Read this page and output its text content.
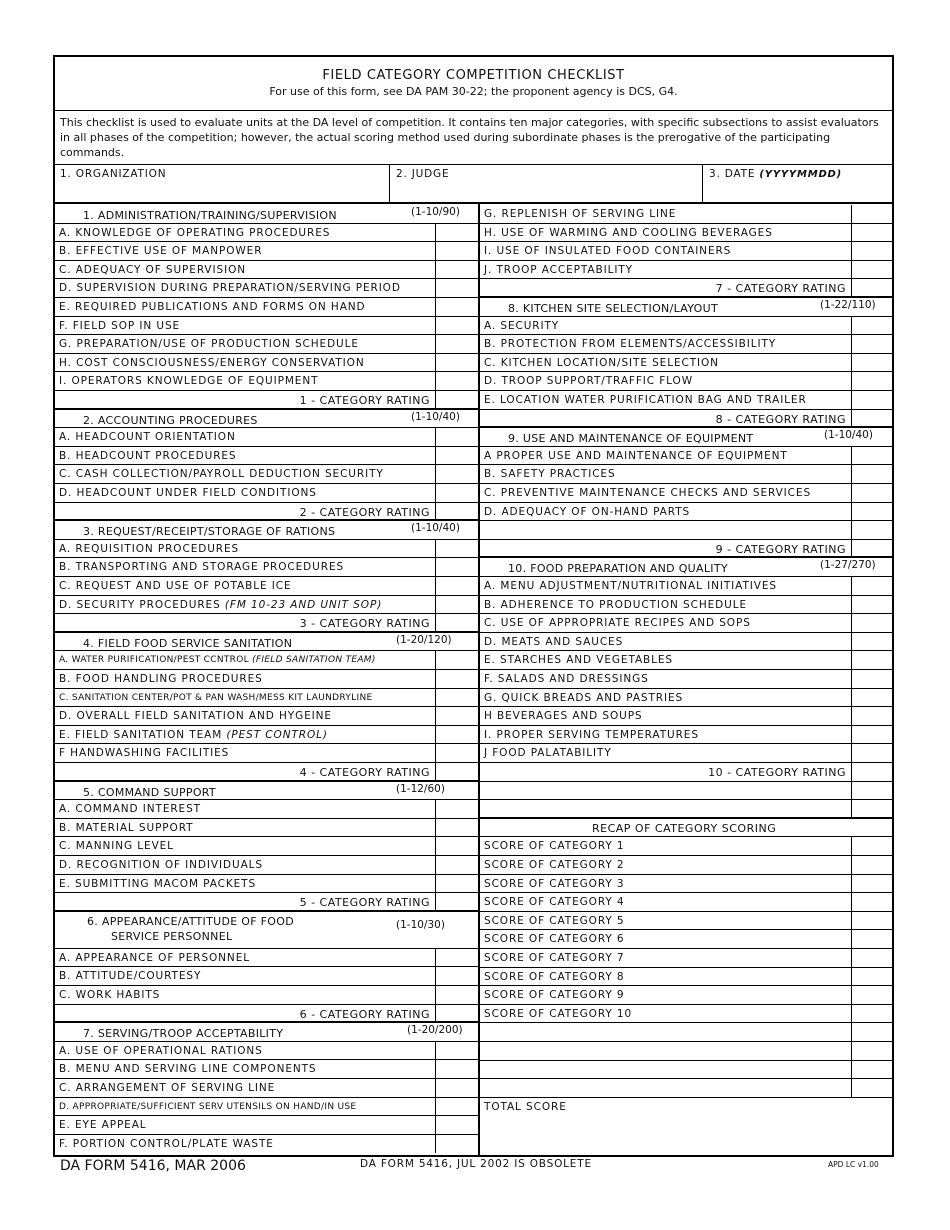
FIELD CATEGORY COMPETITION CHECKLIST
For use of this form, see DA PAM 30-22; the proponent agency is DCS, G4.
This checklist is used to evaluate units at the DA level of competition. It contains ten major categories, with specific subsections to assist evaluators in all phases of the competition; however, the actual scoring method used during subordinate phases is the prerogative of the participating commands.
1. ORGANIZATION	2. JUDGE	3. DATE (YYYYMMDD)
1. ADMINISTRATION/TRAINING/SUPERVISION	(1-10/90)
A. KNOWLEDGE OF OPERATING PROCEDURES
B. EFFECTIVE USE OF MANPOWER
C. ADEQUACY OF SUPERVISION
D. SUPERVISION DURING PREPARATION/SERVING PERIOD
E. REQUIRED PUBLICATIONS AND FORMS ON HAND
F. FIELD SOP IN USE
G. PREPARATION/USE OF PRODUCTION SCHEDULE
H. COST CONSCIOUSNESS/ENERGY CONSERVATION
I. OPERATORS KNOWLEDGE OF EQUIPMENT
1 - CATEGORY RATING
2. ACCOUNTING PROCEDURES	(1-10/40)
A. HEADCOUNT ORIENTATION
B. HEADCOUNT PROCEDURES
C. CASH COLLECTION/PAYROLL DEDUCTION SECURITY
D. HEADCOUNT UNDER FIELD CONDITIONS
2 - CATEGORY RATING
3. REQUEST/RECEIPT/STORAGE OF RATIONS	(1-10/40)
A. REQUISITION PROCEDURES
B. TRANSPORTING AND STORAGE PROCEDURES
C. REQUEST AND USE OF POTABLE ICE
D. SECURITY PROCEDURES (FM 10-23 AND UNIT SOP)
3 - CATEGORY RATING
4. FIELD FOOD SERVICE SANITATION	(1-20/120)
A. WATER PURIFICATION/PEST CCNTROL (FIELD SANITATION TEAM)
B. FOOD HANDLING PROCEDURES
C. SANITATION CENTER/POT & PAN WASH/MESS KIT LAUNDRYLINE
D. OVERALL FIELD SANITATION AND HYGEINE
E. FIELD SANITATION TEAM (PEST CONTROL)
F HANDWASHING FACILITIES
4 - CATEGORY RATING
5. COMMAND SUPPORT	(1-12/60)
A. COMMAND INTEREST
B. MATERIAL SUPPORT
C. MANNING LEVEL
D. RECOGNITION OF INDIVIDUALS
E. SUBMITTING MACOM PACKETS
5 - CATEGORY RATING
6. APPEARANCE/ATTITUDE OF FOOD
SERVICE PERSONNEL
(1-10/30)
A. APPEARANCE OF PERSONNEL
B. ATTITUDE/COURTESY
C. WORK HABITS
6 - CATEGORY RATING
7. SERVING/TROOP ACCEPTABILITY	(1-20/200)
A. USE OF OPERATIONAL RATIONS
B. MENU AND SERVING LINE COMPONENTS
C. ARRANGEMENT OF SERVING LINE
D. APPROPRIATE/SUFFICIENT SERV UTENSILS ON HAND/IN USE
E. EYE APPEAL
F. PORTION CONTROL/PLATE WASTE
G. REPLENISH OF SERVING LINE
H. USE OF WARMING AND COOLING BEVERAGES
I. USE OF INSULATED FOOD CONTAINERS
J. TROOP ACCEPTABILITY
7 - CATEGORY RATING
8. KITCHEN SITE SELECTION/LAYOUT	(1-22/110)
A. SECURITY
B. PROTECTION FROM ELEMENTS/ACCESSIBILITY
C. KITCHEN LOCATION/SITE SELECTION
D. TROOP SUPPORT/TRAFFIC FLOW
E. LOCATION WATER PURIFICATION BAG AND TRAILER
8 - CATEGORY RATING
9. USE AND MAINTENANCE OF EQUIPMENT	(1-10/40)
A PROPER USE AND MAINTENANCE OF EQUIPMENT
B. SAFETY PRACTICES
C. PREVENTIVE MAINTENANCE CHECKS AND SERVICES
D. ADEQUACY OF ON-HAND PARTS
9 - CATEGORY RATING
10. FOOD PREPARATION AND QUALITY	(1-27/270)
A. MENU ADJUSTMENT/NUTRITIONAL INITIATIVES
B. ADHERENCE TO PRODUCTION SCHEDULE
C. USE OF APPROPRIATE RECIPES AND SOPS
D. MEATS AND SAUCES
E. STARCHES AND VEGETABLES
F. SALADS AND DRESSINGS
G. QUICK BREADS AND PASTRIES
H BEVERAGES AND SOUPS
I. PROPER SERVING TEMPERATURES
J FOOD PALATABILITY
10 - CATEGORY RATING
RECAP OF CATEGORY SCORING
SCORE OF CATEGORY 1
SCORE OF CATEGORY 2
SCORE OF CATEGORY 3
SCORE OF CATEGORY 4
SCORE OF CATEGORY 5
SCORE OF CATEGORY 6
SCORE OF CATEGORY 7
SCORE OF CATEGORY 8
SCORE OF CATEGORY 9
SCORE OF CATEGORY 10
TOTAL SCORE
DA FORM 5416, MAR 2006	DA FORM 5416, JUL 2002 IS OBSOLETE	APD LC v1.00
